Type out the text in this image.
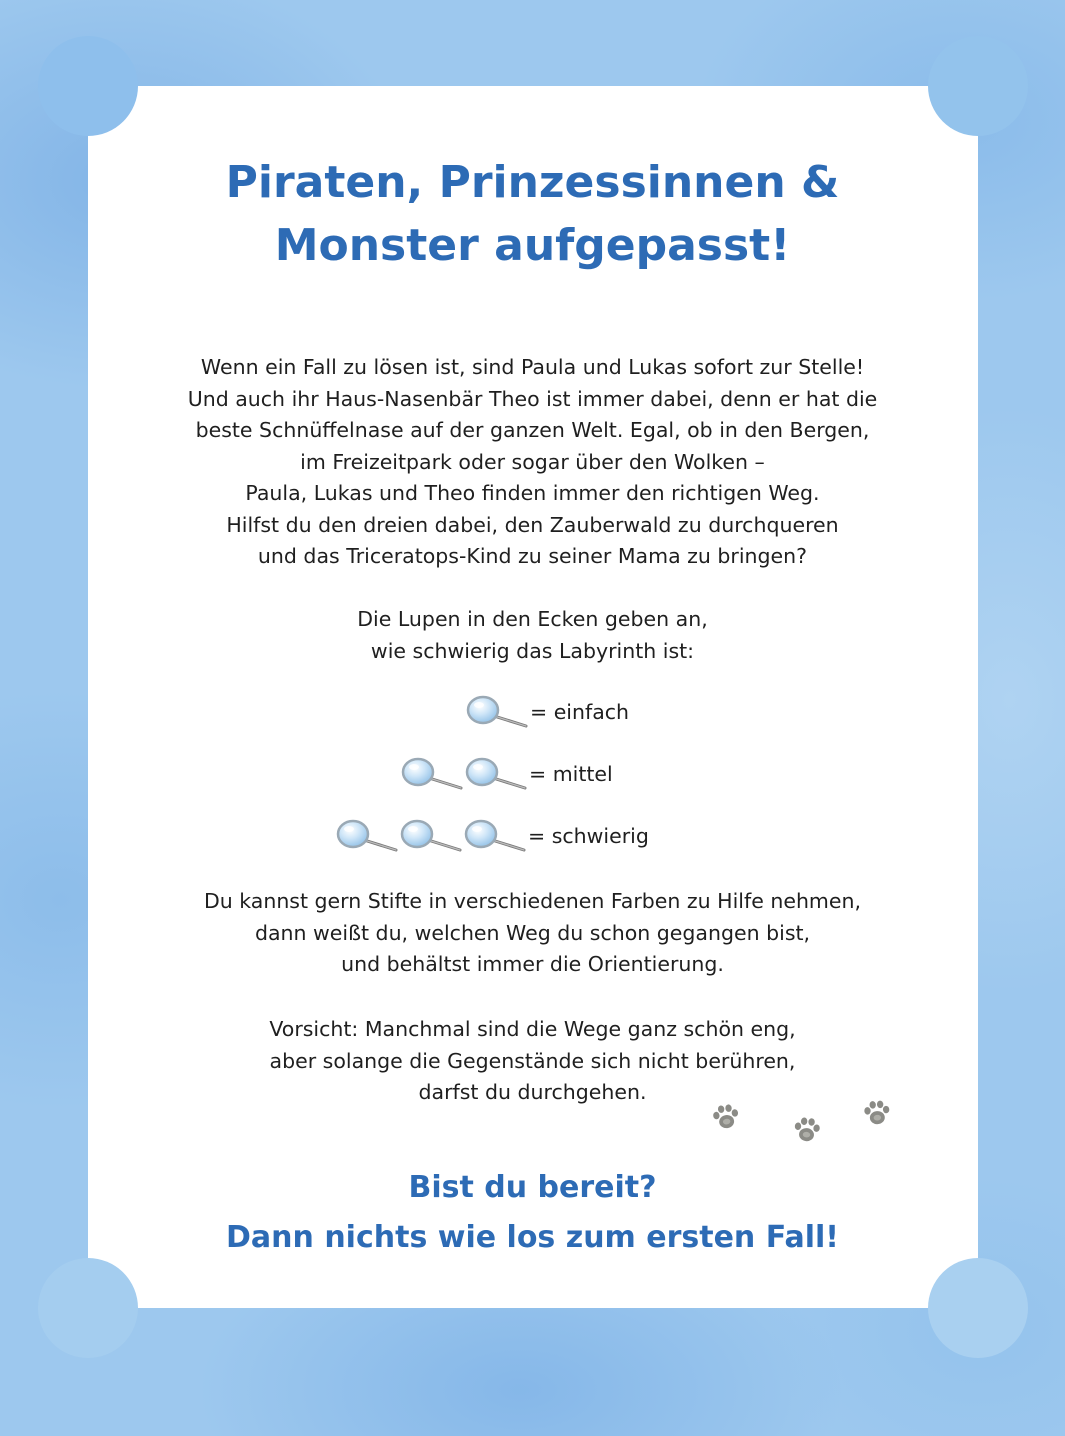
Piraten, Prinzessinnen &
Monster aufgepasst!

Wenn ein Fall zu lösen ist, sind Paula und Lukas sofort zur Stelle!
Und auch ihr Haus-Nasenbär Theo ist immer dabei, denn er hat die
beste Schnüffelnase auf der ganzen Welt. Egal, ob in den Bergen,
im Freizeitpark oder sogar über den Wolken –
Paula, Lukas und Theo finden immer den richtigen Weg.
Hilfst du den dreien dabei, den Zauberwald zu durchqueren
und das Triceratops-Kind zu seiner Mama zu bringen?

Die Lupen in den Ecken geben an,
wie schwierig das Labyrinth ist:

= einfach
= mittel
= schwierig

Du kannst gern Stifte in verschiedenen Farben zu Hilfe nehmen,
dann weißt du, welchen Weg du schon gegangen bist,
und behältst immer die Orientierung.

Vorsicht: Manchmal sind die Wege ganz schön eng,
aber solange die Gegenstände sich nicht berühren,
darfst du durchgehen.

Bist du bereit?
Dann nichts wie los zum ersten Fall!
